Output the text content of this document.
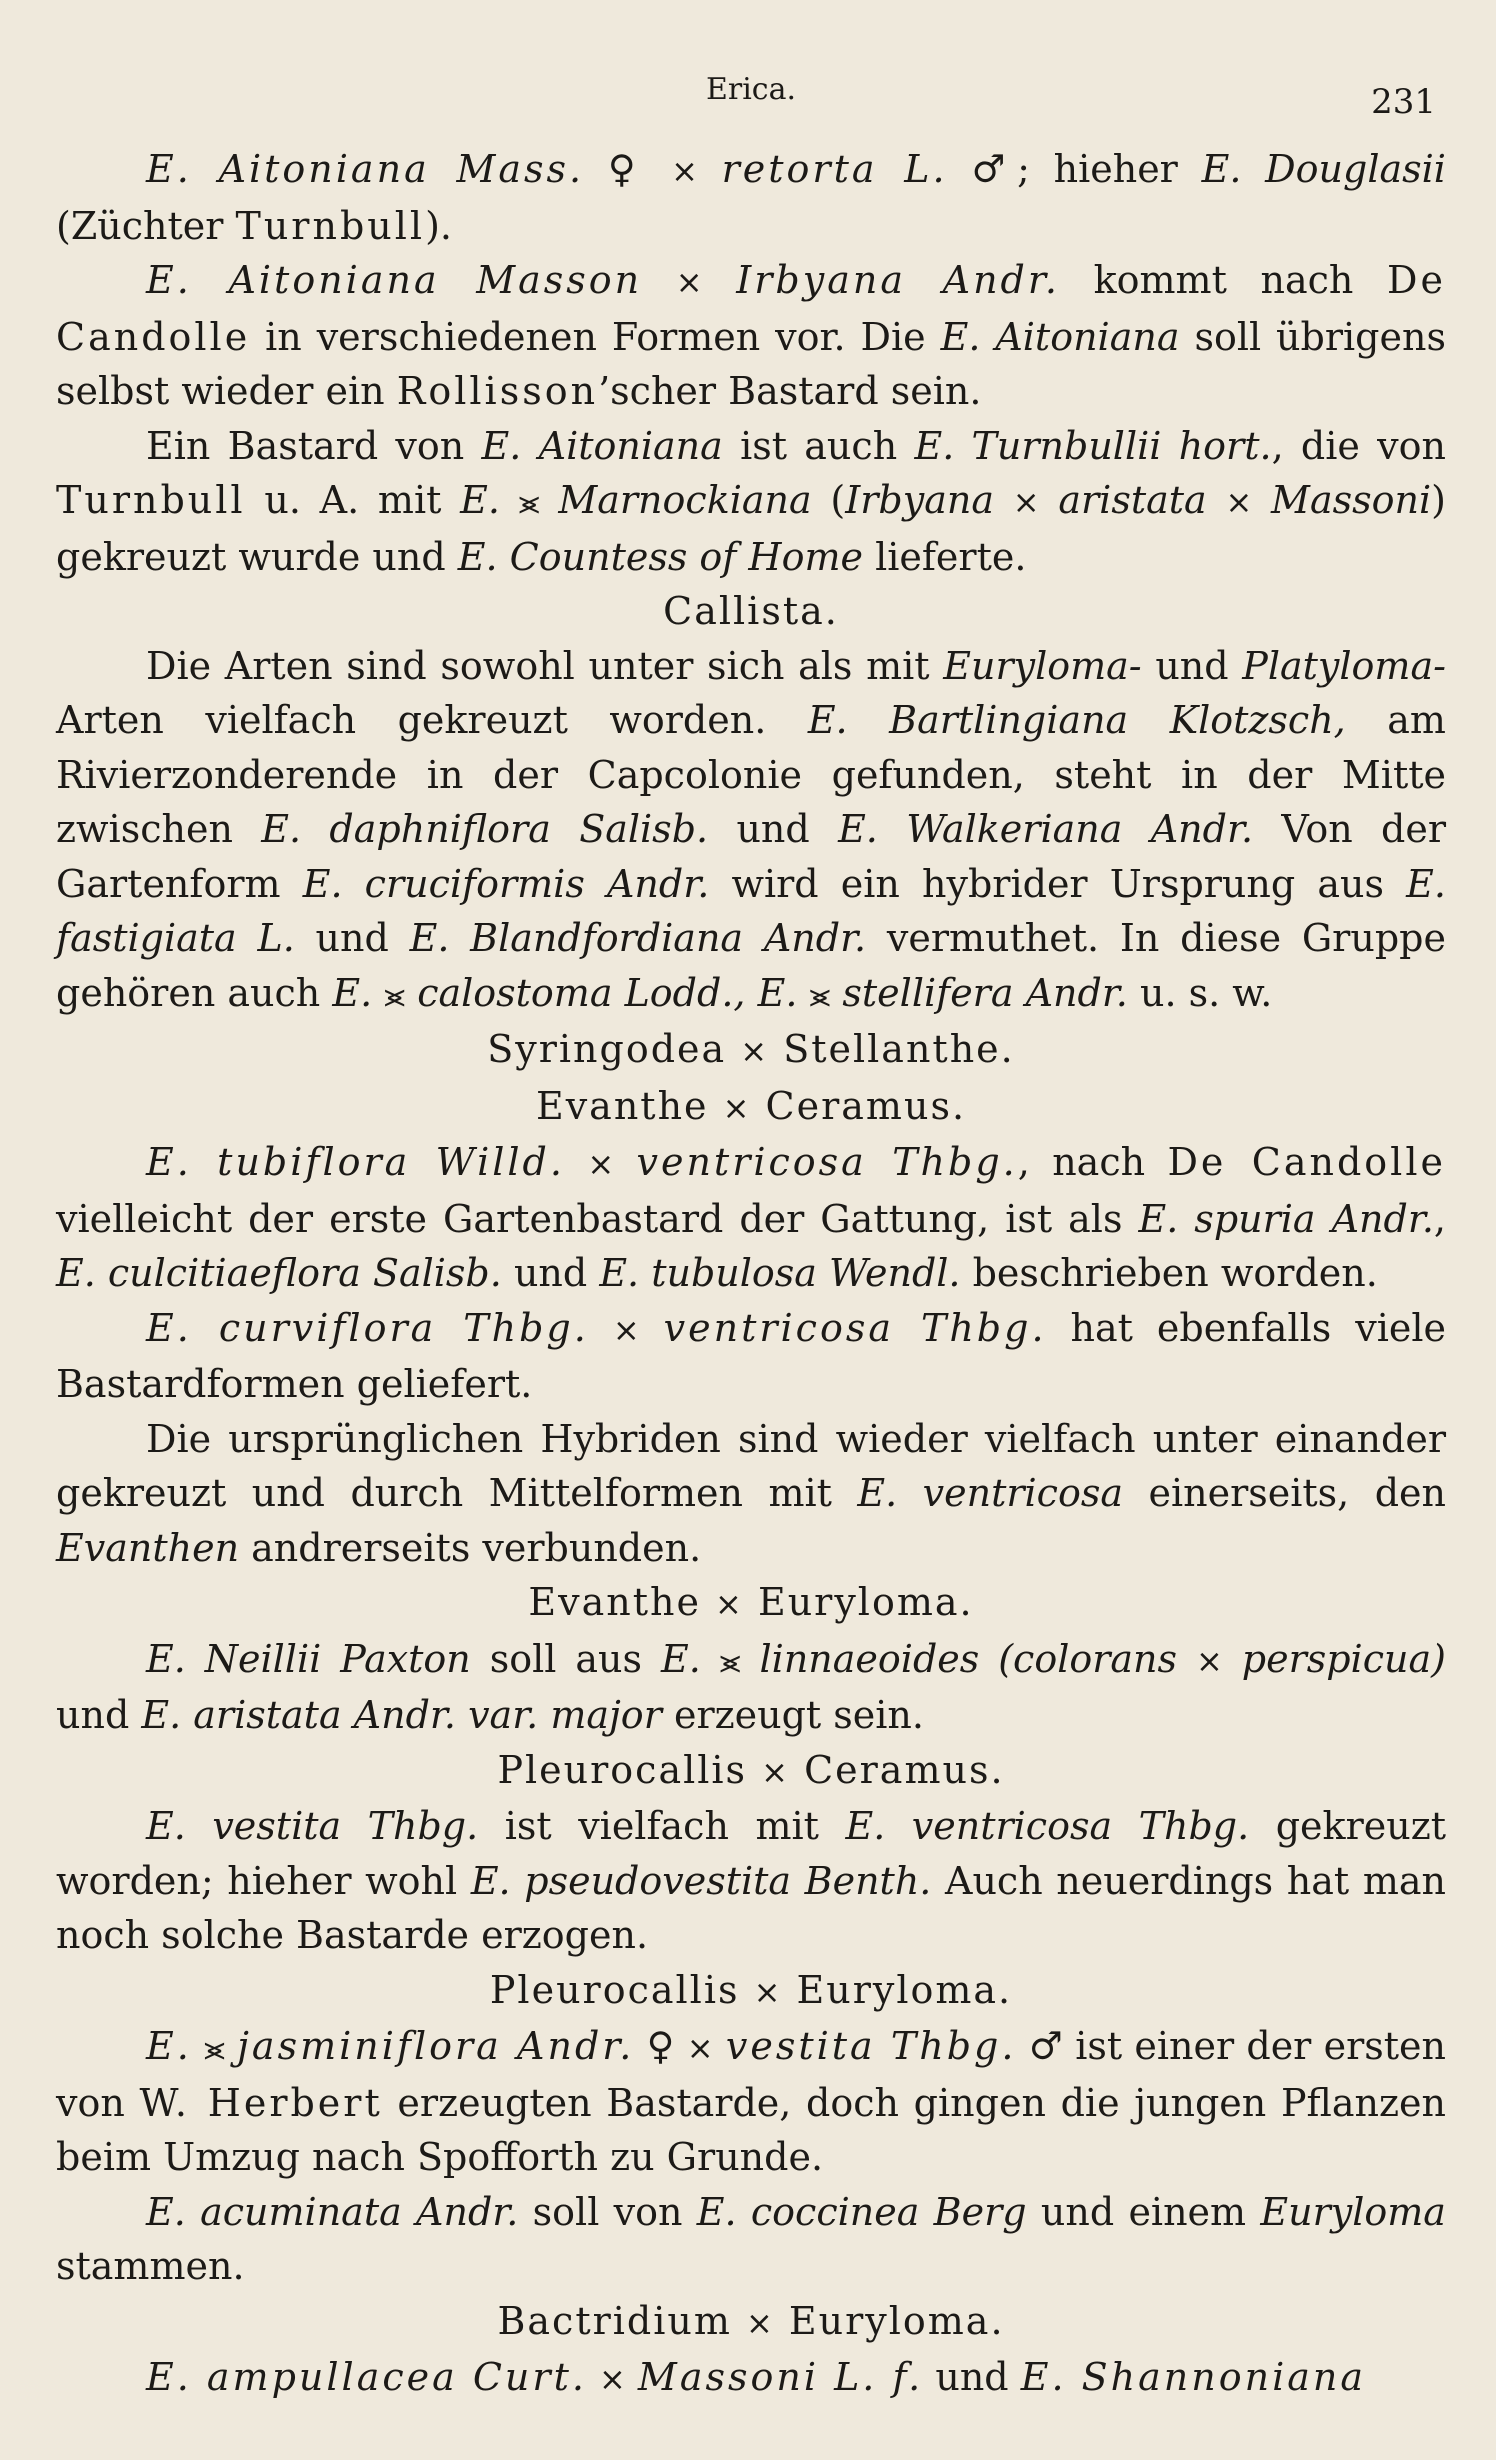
Erica.	231

E. Aitoniana Mass. ♀ × retorta L. ♂; hieher E. Douglasii (Züchter Turnbull).

E. Aitoniana Masson × Irbyana Andr. kommt nach De Candolle in verschiedenen Formen vor. Die E. Aitoniana soll übrigens selbst wieder ein Rollisson’scher Bastard sein.

Ein Bastard von E. Aitoniana ist auch E. Turnbullii hort., die von Turnbull u. A. mit E. ⪤ Marnockiana (Irbyana × aristata × Massoni) gekreuzt wurde und E. Countess of Home lieferte.

Callista.

Die Arten sind sowohl unter sich als mit Euryloma- und Platyloma- Arten vielfach gekreuzt worden. E. Bartlingiana Klotzsch, am Rivierzonderende in der Capcolonie gefunden, steht in der Mitte zwischen E. daphniflora Salisb. und E. Walkeriana Andr. Von der Gartenform E. cruciformis Andr. wird ein hybrider Ursprung aus E. fastigiata L. und E. Blandfordiana Andr. vermuthet. In diese Gruppe gehören auch E. ⪤ calostoma Lodd., E. ⪤ stellifera Andr. u. s. w.

Syringodea × Stellanthe.

Evanthe × Ceramus.

E. tubiflora Willd. × ventricosa Thbg., nach De Candolle vielleicht der erste Gartenbastard der Gattung, ist als E. spuria Andr., E. culcitiaeflora Salisb. und E. tubulosa Wendl. beschrieben worden.

E. curviflora Thbg. × ventricosa Thbg. hat ebenfalls viele Bastardformen geliefert.

Die ursprünglichen Hybriden sind wieder vielfach unter einander gekreuzt und durch Mittelformen mit E. ventricosa einerseits, den Evanthen andrerseits verbunden.

Evanthe × Euryloma.

E. Neillii Paxton soll aus E. ⪤ linnaeoides (colorans × perspicua) und E. aristata Andr. var. major erzeugt sein.

Pleurocallis × Ceramus.

E. vestita Thbg. ist vielfach mit E. ventricosa Thbg. gekreuzt worden; hieher wohl E. pseudovestita Benth. Auch neuerdings hat man noch solche Bastarde erzogen.

Pleurocallis × Euryloma.

E. ⪤ jasminiflora Andr. ♀ × vestita Thbg. ♂ ist einer der ersten von W. Herbert erzeugten Bastarde, doch gingen die jungen Pflanzen beim Umzug nach Spofforth zu Grunde.

E. acuminata Andr. soll von E. coccinea Berg und einem Euryloma stammen.

Bactridium × Euryloma.

E. ampullacea Curt. × Massoni L. f. und E. Shannoniana
